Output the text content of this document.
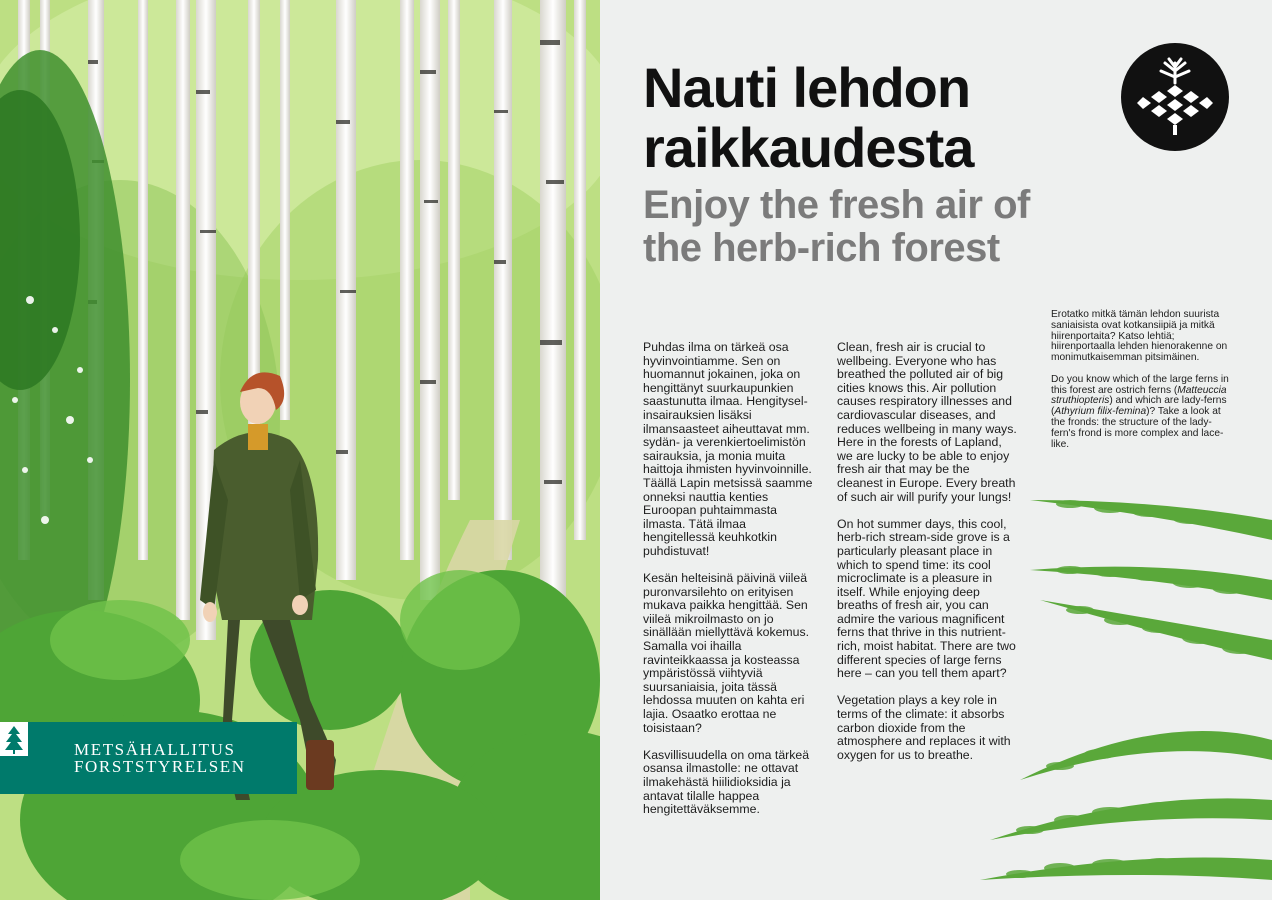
METSÄHALLITUS
FORSTSTYRELSEN
Nauti lehdon
raikkaudesta
Enjoy the fresh air of
the herb-rich forest

Puhdas ilma on tärkeä osa hyvinvointiamme. Sen on huomannut jokainen, joka on hengittänyt suurkaupunkien saastunutta ilmaa. Hengityselinsairauksien lisäksi ilmansaasteet aiheuttavat mm. sydän- ja verenkiertoelimistön sairauksia, ja monia muita haittoja ihmisten hyvinvoinnille. Täällä Lapin metsissä saamme onneksi nauttia kenties Euroopan puhtaimmasta ilmasta. Tätä ilmaa hengitellessä keuhkotkin puhdistuvat!

Kesän helteisinä päivinä viileä puronvarsilehto on erityisen mukava paikka hengittää. Sen viileä mikroilmasto on jo sinällään miellyttävä kokemus. Samalla voi ihailla ravinteikkaassa ja kosteassa ympäristössä viihtyviä suursaniaisia, joita tässä lehdossa muuten on kahta eri lajia. Osaatko erottaa ne toisistaan?

Kasvillisuudella on oma tärkeä osansa ilmastolle: ne ottavat ilmakehästä hiilidioksidia ja antavat tilalle happea hengitettäväksemme.

Clean, fresh air is crucial to wellbeing. Everyone who has breathed the polluted air of big cities knows this. Air pollution causes respiratory illnesses and cardiovascular diseases, and reduces wellbeing in many ways. Here in the forests of Lapland, we are lucky to be able to enjoy fresh air that may be the cleanest in Europe. Every breath of such air will purify your lungs!

On hot summer days, this cool, herb-rich stream-side grove is a particularly pleasant place in which to spend time: its cool microclimate is a pleasure in itself. While enjoying deep breaths of fresh air, you can admire the various magnificent ferns that thrive in this nutrient-rich, moist habitat. There are two different species of large ferns here – can you tell them apart?

Vegetation plays a key role in terms of the climate: it absorbs carbon dioxide from the atmosphere and replaces it with oxygen for us to breathe.

Erotatko mitkä tämän lehdon suurista saniaisista ovat kotkansiipiä ja mitkä hiirenportaita? Katso lehtiä; hiirenportaalla lehden hienorakenne on monimutkaisemman pitsimäinen.

Do you know which of the large ferns in this forest are ostrich ferns (Matteuccia struthiopteris) and which are lady-ferns (Athyrium filix-femina)? Take a look at the fronds: the structure of the lady-fern's frond is more complex and lace-like.
